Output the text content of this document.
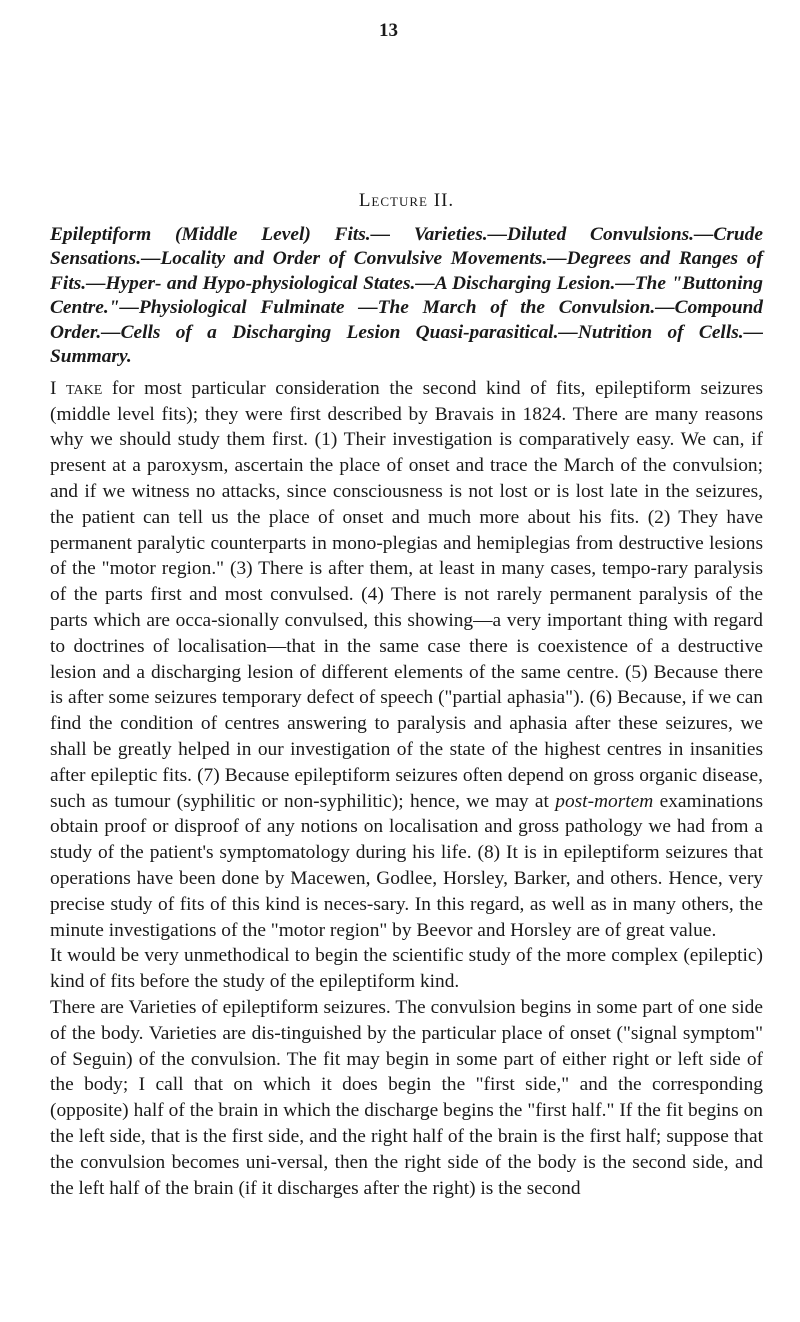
13
Lecture II.

Epileptiform (Middle Level) Fits.— Varieties.—Diluted Convulsions.—Crude Sensations.—Locality and Order of Convulsive Movements.—Degrees and Ranges of Fits.—Hyper- and Hypo-physiological States.—A Discharging Lesion.—The "Buttoning Centre."—Physiological Fulminate —The March of the Convulsion.—Compound Order.—Cells of a Discharging Lesion Quasi-parasitical.—Nutrition of Cells.—Summary.

I take for most particular consideration the second kind of fits, epileptiform seizures (middle level fits); they were first described by Bravais in 1824. There are many reasons why we should study them first. (1) Their investigation is comparatively easy. We can, if present at a paroxysm, ascertain the place of onset and trace the March of the convulsion; and if we witness no attacks, since consciousness is not lost or is lost late in the seizures, the patient can tell us the place of onset and much more about his fits. (2) They have permanent paralytic counterparts in mono-plegias and hemiplegias from destructive lesions of the "motor region." (3) There is after them, at least in many cases, tempo-rary paralysis of the parts first and most convulsed. (4) There is not rarely permanent paralysis of the parts which are occa-sionally convulsed, this showing—a very important thing with regard to doctrines of localisation—that in the same case there is coexistence of a destructive lesion and a discharging lesion of different elements of the same centre. (5) Because there is after some seizures temporary defect of speech ("partial aphasia"). (6) Because, if we can find the condition of centres answering to paralysis and aphasia after these seizures, we shall be greatly helped in our investigation of the state of the highest centres in insanities after epileptic fits. (7) Because epileptiform seizures often depend on gross organic disease, such as tumour (syphilitic or non-syphilitic); hence, we may at post-mortem examinations obtain proof or disproof of any notions on localisation and gross pathology we had from a study of the patient's symptomatology during his life. (8) It is in epileptiform seizures that operations have been done by Macewen, Godlee, Horsley, Barker, and others. Hence, very precise study of fits of this kind is neces-sary. In this regard, as well as in many others, the minute investigations of the "motor region" by Beevor and Horsley are of great value.

It would be very unmethodical to begin the scientific study of the more complex (epileptic) kind of fits before the study of the epileptiform kind.

There are Varieties of epileptiform seizures. The convulsion begins in some part of one side of the body. Varieties are dis-tinguished by the particular place of onset ("signal symptom" of Seguin) of the convulsion. The fit may begin in some part of either right or left side of the body; I call that on which it does begin the "first side," and the corresponding (opposite) half of the brain in which the discharge begins the "first half." If the fit begins on the left side, that is the first side, and the right half of the brain is the first half; suppose that the convulsion becomes uni-versal, then the right side of the body is the second side, and the left half of the brain (if it discharges after the right) is the second
